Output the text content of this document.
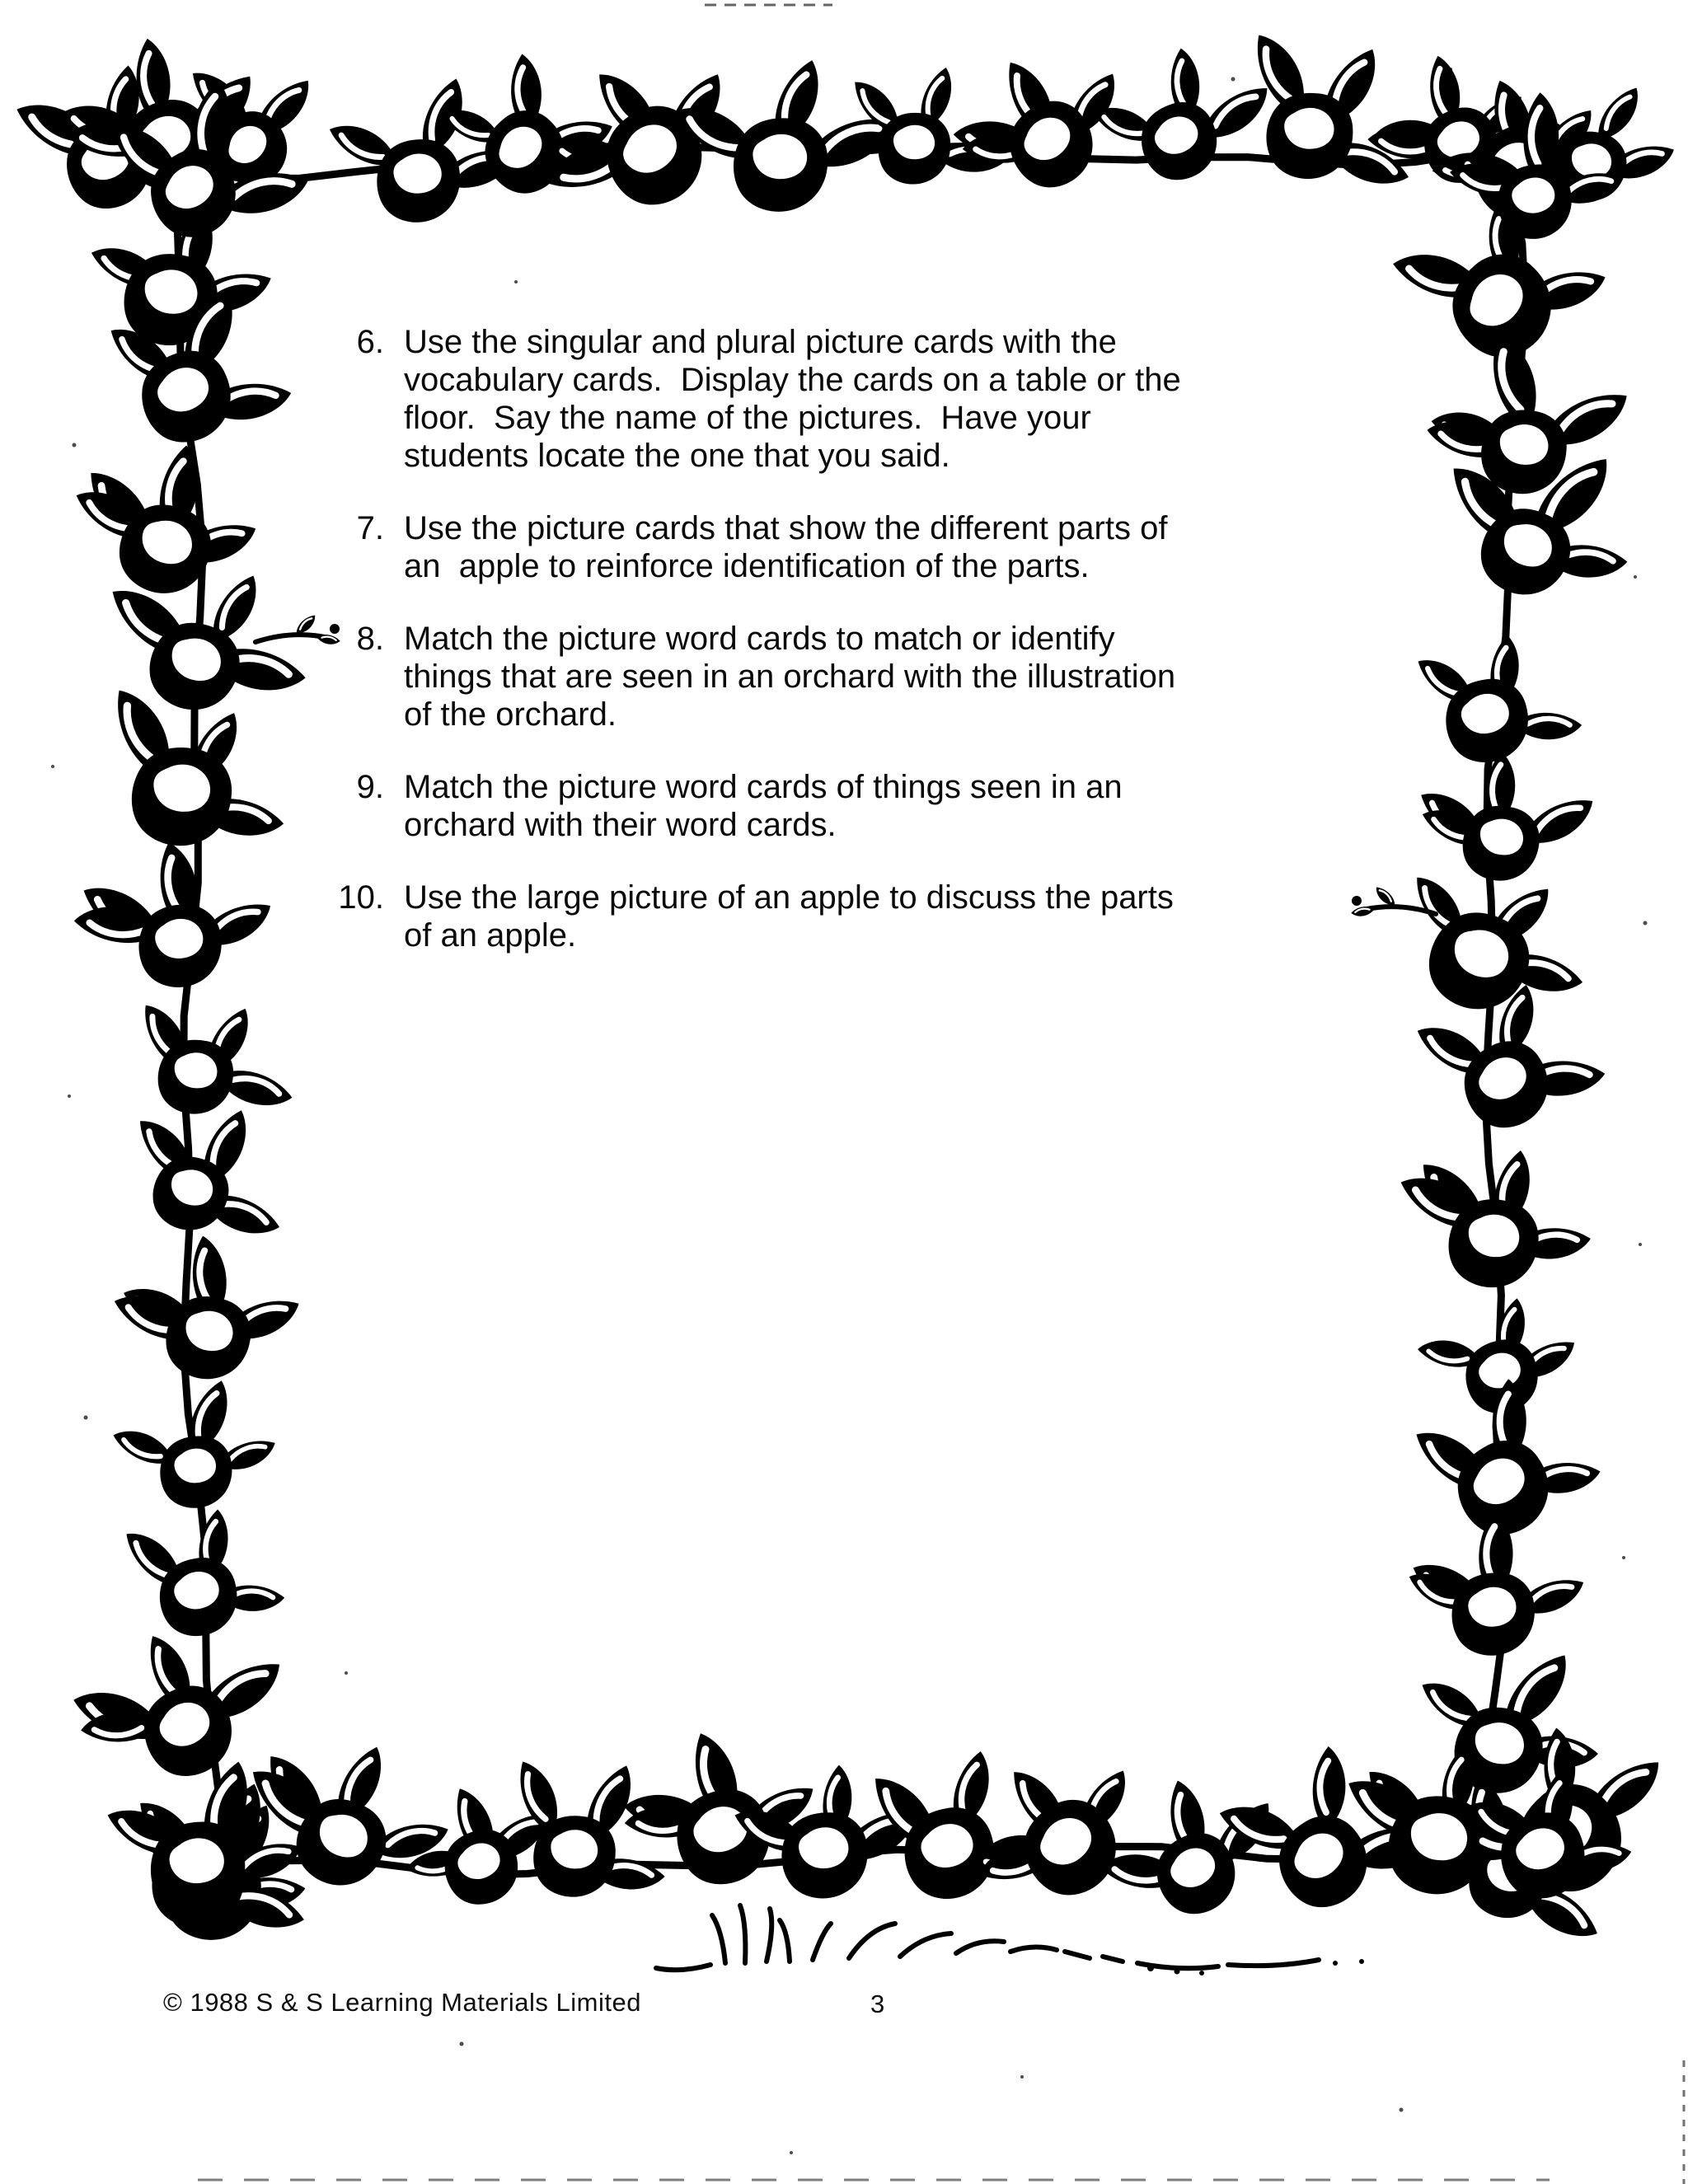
6. Use the singular and plural picture cards with the
vocabulary cards.  Display the cards on a table or the
floor.  Say the name of the pictures.  Have your
students locate the one that you said.
7. Use the picture cards that show the different parts of
an  apple to reinforce identification of the parts.
8. Match the picture word cards to match or identify
things that are seen in an orchard with the illustration
of the orchard.
9. Match the picture word cards of things seen in an
orchard with their word cards.
10. Use the large picture of an apple to discuss the parts
of an apple.
© 1988 S & S Learning Materials Limited	3
